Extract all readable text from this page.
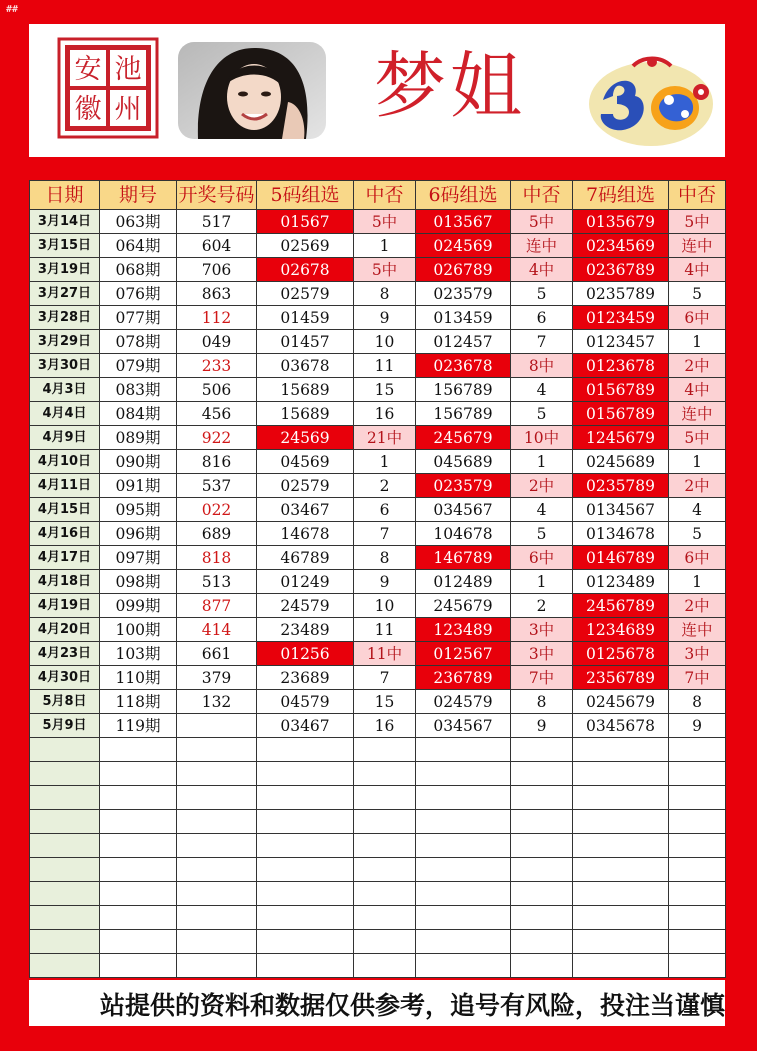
##
池
安
徽 州	梦姐
日期	期号	开奖号码	5码组选	中否	6码组选	中否	7码组选	中否
3月14日	063期	517	01567	5中	013567	5中	0135679	5中
3月15日	064期	604	02569	1	024569	连中	0234569	连中
3月19日	068期	706	02678	5中	026789	4中	0236789	4中
3月27日	076期	863	02579	8	023579	5	0235789	5
3月28日	077期	112	01459	9	013459	6	0123459	6中
3月29日	078期	049	01457	10	012457	7	0123457	1
3月30日	079期	233	03678	11	023678	8中	0123678	2中
4月3日	083期	506	15689	15	156789	4	0156789	4中
4月4日	084期	456	15689	16	156789	5	0156789	连中
4月9日	089期	922	24569	21中	245679	10中	1245679	5中
4月10日	090期	816	04569	1	045689	1	0245689	1
4月11日	091期	537	02579	2	023579	2中	0235789	2中
4月15日	095期	022	03467	6	034567	4	0134567	4
4月16日	096期	689	14678	7	104678	5	0134678	5
4月17日	097期	818	46789	8	146789	6中	0146789	6中
4月18日	098期	513	01249	9	012489	1	0123489	1
4月19日	099期	877	24579	10	245679	2	2456789	2中
4月20日	100期	414	23489	11	123489	3中	1234689	连中
4月23日	103期	661	01256	11中	012567	3中	0125678	3中
4月30日	110期	379	23689	7	236789	7中	2356789	7中
5月8日	118期	132	04579	15	024579	8	0245679	8
5月9日	119期		03467	16	034567	9	0345678	9

站提供的资料和数据仅供参考，追号有风险，投注当谨慎
